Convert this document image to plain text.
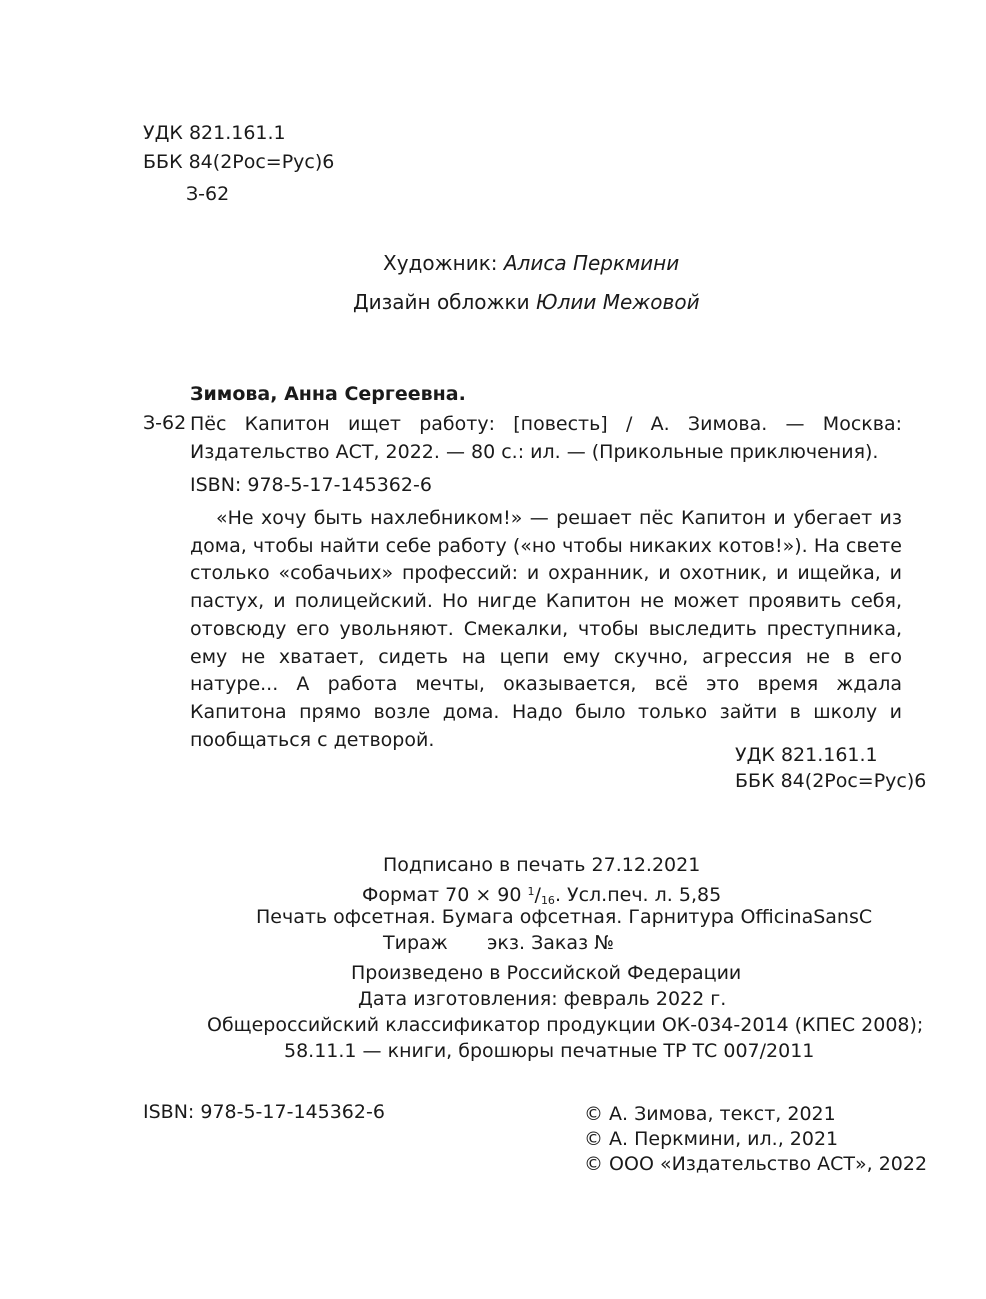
УДК 821.161.1
ББК 84(2Рос=Рус)6
З-62
Художник: Алиса Перкмини
Дизайн обложки Юлии Межовой
Зимова, Анна Сергеевна.
З-62 Пёс Капитон ищет работу: [повесть] / А. Зимова. — Москва: Издательство АСТ, 2022. — 80 с.: ил. — (Прикольные приключения).
ISBN: 978-5-17-145362-6

«Не хочу быть нахлебником!» — решает пёс Капитон и убегает из дома, чтобы найти себе работу («но чтобы никаких котов!»). На свете столько «собачьих» профессий: и охранник, и охотник, и ищейка, и пастух, и полицейский. Но нигде Капитон не может проявить себя, отовсюду его увольняют. Смекалки, чтобы выследить преступника, ему не хватает, сидеть на цепи ему скучно, агрессия не в его натуре... А работа мечты, оказывается, всё это время ждала Капитона прямо возле дома. Надо было только зайти в школу и пообщаться с детворой.

УДК 821.161.1
ББК 84(2Рос=Рус)6
Подписано в печать 27.12.2021
Формат 70 × 90 $^1/_{16}$. Усл.печ. л. 5,85
Печать офсетная. Бумага офсетная. Гарнитура OfficinaSansC
Тираж экз. Заказ №
Произведено в Российской Федерации
Дата изготовления: февраль 2022 г.
Общероссийский классификатор продукции ОК-034-2014 (КПЕС 2008);
58.11.1 — книги, брошюры печатные ТР ТС 007/2011
ISBN: 978-5-17-145362-6	© А. Зимова, текст, 2021
© А. Перкмини, ил., 2021
© ООО «Издательство АСТ», 2022
